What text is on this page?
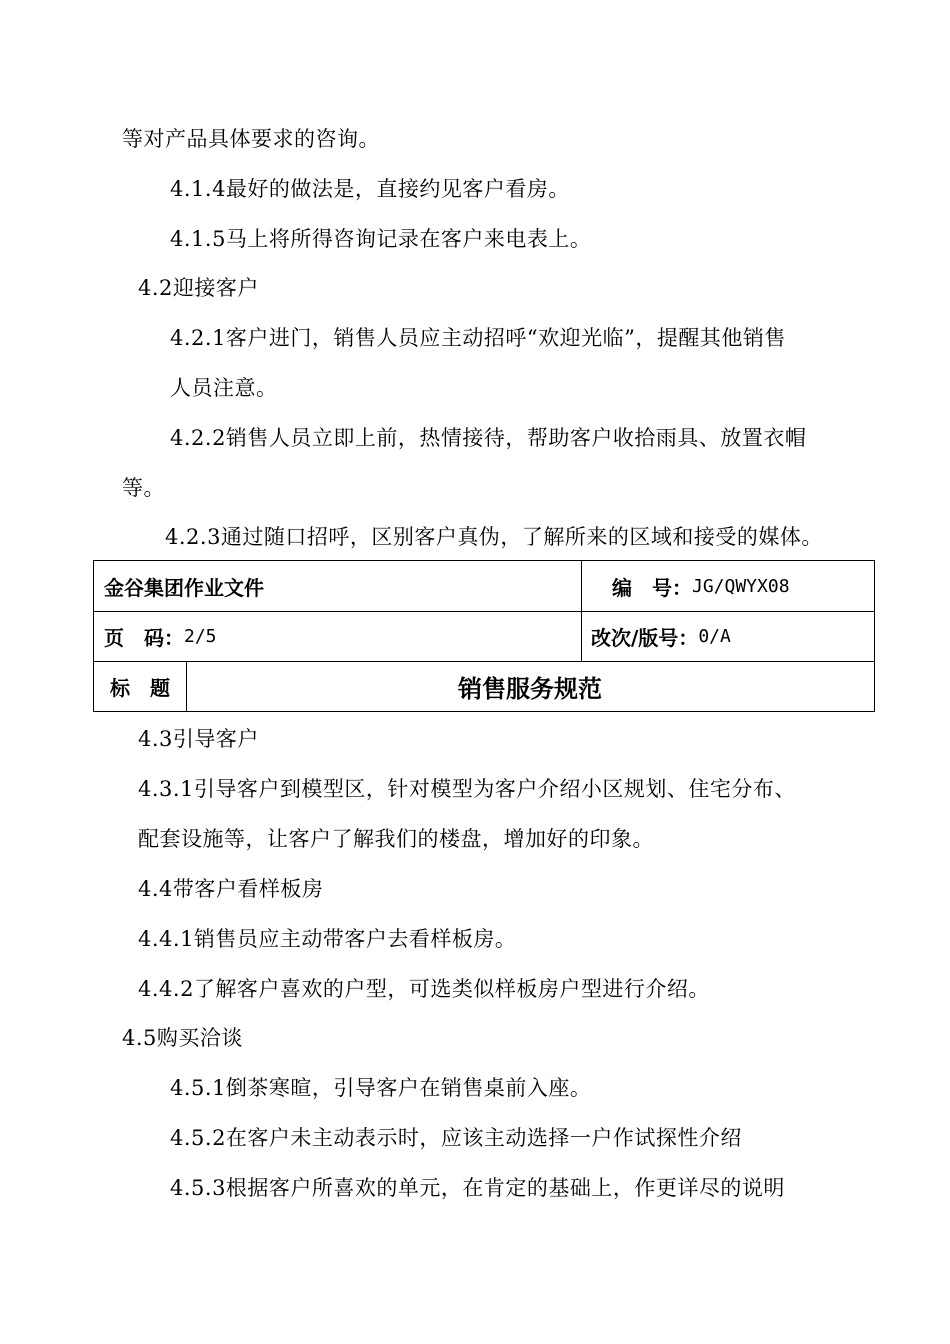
等对产品具体要求的咨询。
4.1.4最好的做法是，直接约见客户看房。
4.1.5马上将所得咨询记录在客户来电表上。
4.2迎接客户
4.2.1客户进门，销售人员应主动招呼“欢迎光临”，提醒其他销售
人员注意。
4.2.2销售人员立即上前，热情接待，帮助客户收拾雨具、放置衣帽
等。
4.2.3通过随口招呼，区别客户真伪，了解所来的区域和接受的媒体。
金谷集团作业文件	编　号： JG/QWYX08
页　码： 2/5	改次/版号： 0/A
标　题	销售服务规范
4.3引导客户
4.3.1引导客户到模型区，针对模型为客户介绍小区规划、住宅分布、
配套设施等，让客户了解我们的楼盘，增加好的印象。
4.4带客户看样板房
4.4.1销售员应主动带客户去看样板房。
4.4.2了解客户喜欢的户型，可选类似样板房户型进行介绍。
4.5购买洽谈
4.5.1倒茶寒暄，引导客户在销售桌前入座。
4.5.2在客户未主动表示时，应该主动选择一户作试探性介绍
4.5.3根据客户所喜欢的单元，在肯定的基础上，作更详尽的说明
